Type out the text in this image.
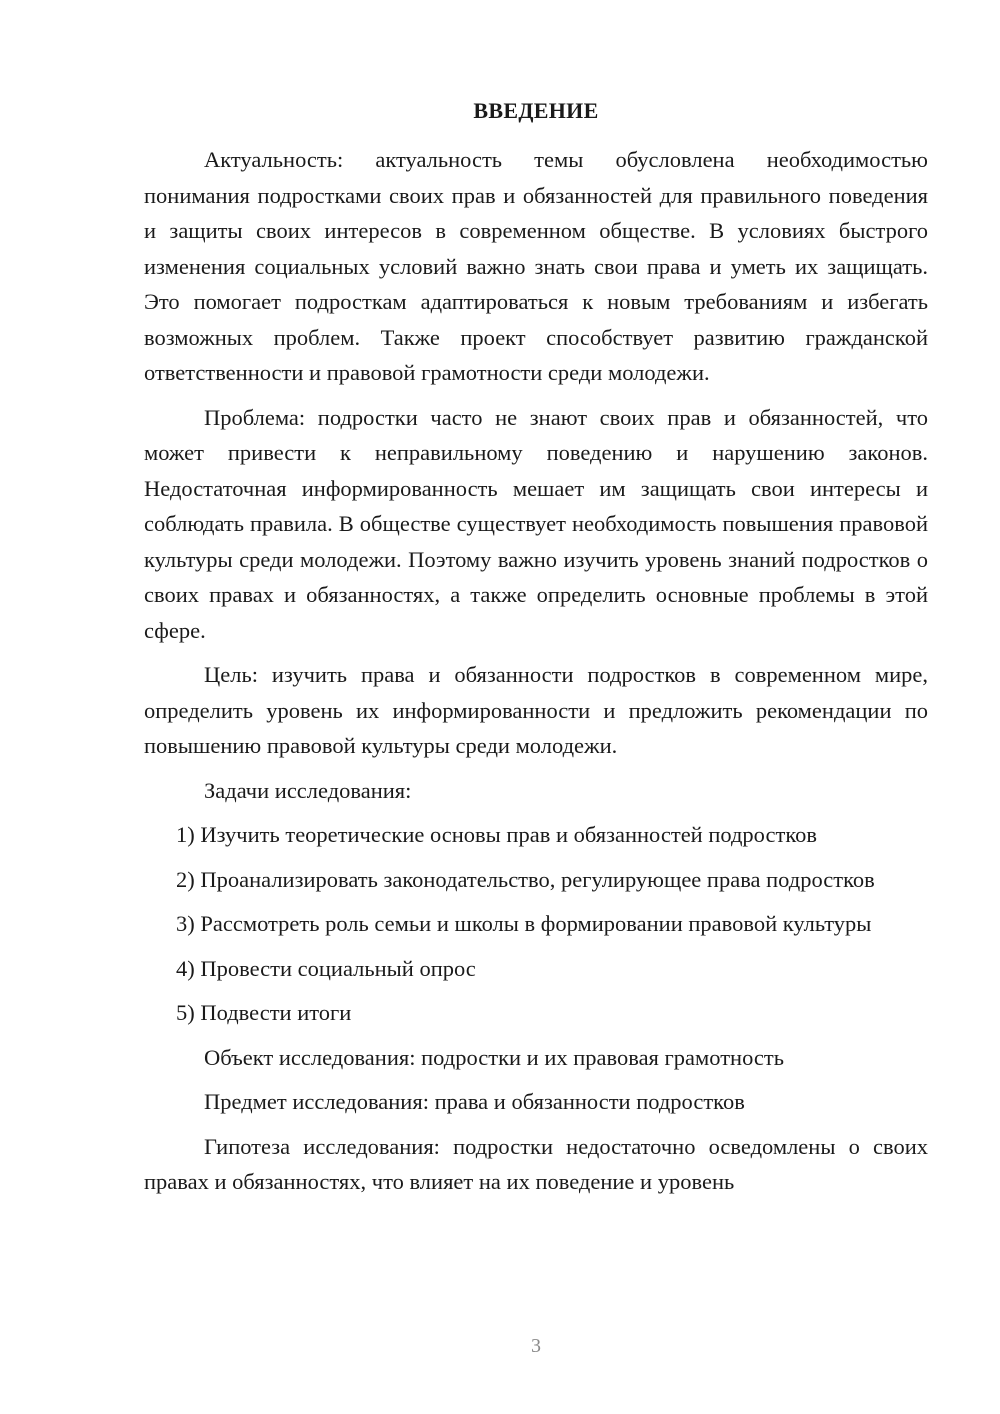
ВВЕДЕНИЕ

Актуальность: актуальность темы обусловлена необходимостью понимания подростками своих прав и обязанностей для правильного поведения и защиты своих интересов в современном обществе. В условиях быстрого изменения социальных условий важно знать свои права и уметь их защищать. Это помогает подросткам адаптироваться к новым требованиям и избегать возможных проблем. Также проект способствует развитию гражданской ответственности и правовой грамотности среди молодежи.

Проблема: подростки часто не знают своих прав и обязанностей, что может привести к неправильному поведению и нарушению законов. Недостаточная информированность мешает им защищать свои интересы и соблюдать правила. В обществе существует необходимость повышения правовой культуры среди молодежи. Поэтому важно изучить уровень знаний подростков о своих правах и обязанностях, а также определить основные проблемы в этой сфере.

Цель: изучить права и обязанности подростков в современном мире, определить уровень их информированности и предложить рекомендации по повышению правовой культуры среди молодежи.

Задачи исследования:

1) Изучить теоретические основы прав и обязанностей подростков

2) Проанализировать законодательство, регулирующее права подростков

3) Рассмотреть роль семьи и школы в формировании правовой культуры

4) Провести социальный опрос

5) Подвести итоги

Объект исследования: подростки и их правовая грамотность

Предмет исследования: права и обязанности подростков

Гипотеза исследования: подростки недостаточно осведомлены о своих правах и обязанностях, что влияет на их поведение и уровень

3
